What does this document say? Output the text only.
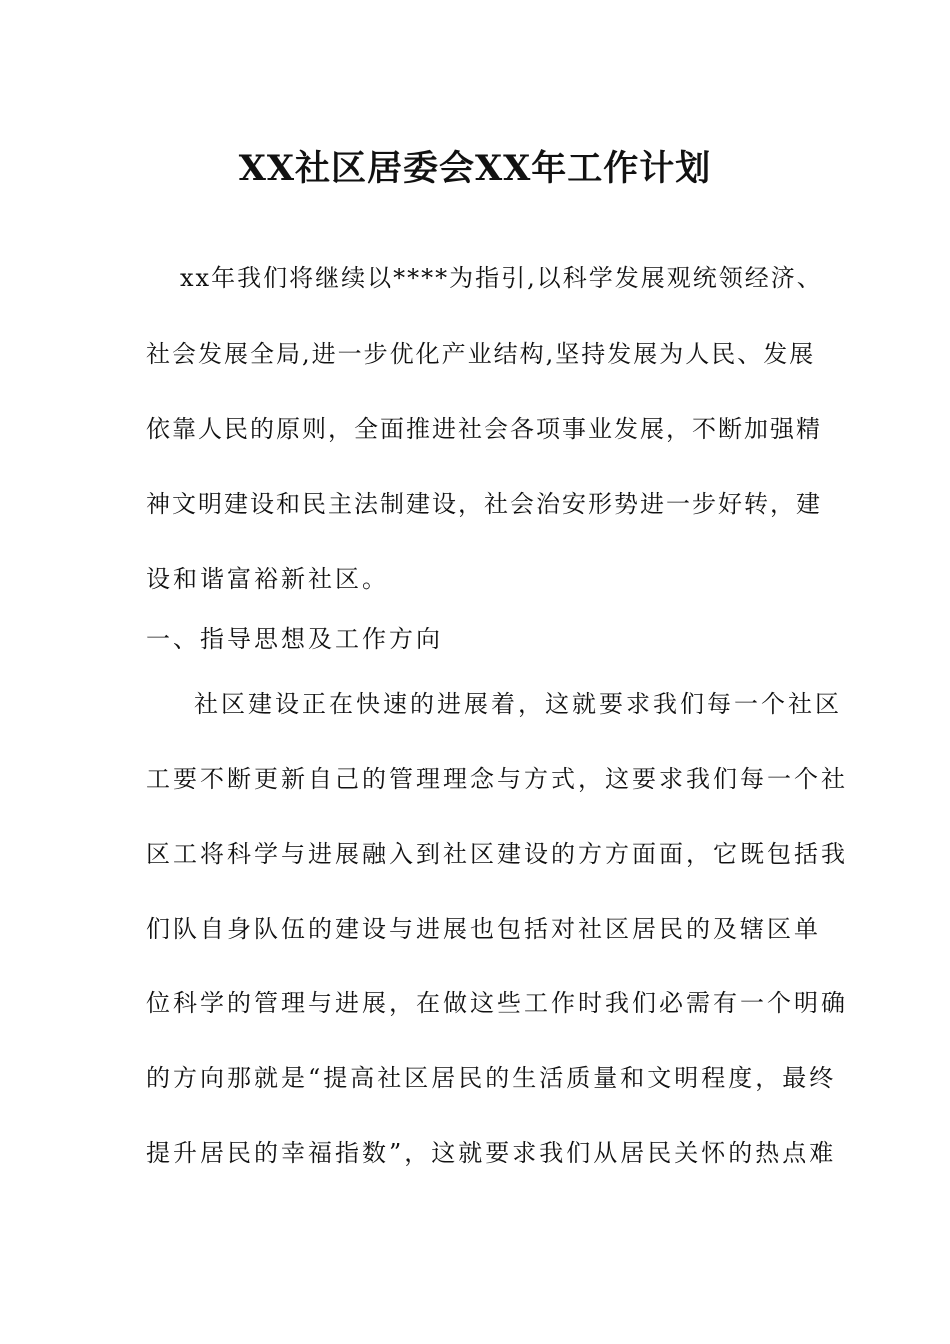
XX社区居委会XX年工作计划
xx年我们将继续以****为指引,以科学发展观统领经济、
社会发展全局,进一步优化产业结构,坚持发展为人民、发展
依靠人民的原则，全面推进社会各项事业发展，不断加强精
神文明建设和民主法制建设，社会治安形势进一步好转，建
设和谐富裕新社区。
一、指导思想及工作方向
社区建设正在快速的进展着，这就要求我们每一个社区
工要不断更新自己的管理理念与方式，这要求我们每一个社
区工将科学与进展融入到社区建设的方方面面，它既包括我
们队自身队伍的建设与进展也包括对社区居民的及辖区单
位科学的管理与进展，在做这些工作时我们必需有一个明确
的方向那就是“提高社区居民的生活质量和文明程度，最终
提升居民的幸福指数”，这就要求我们从居民关怀的热点难
